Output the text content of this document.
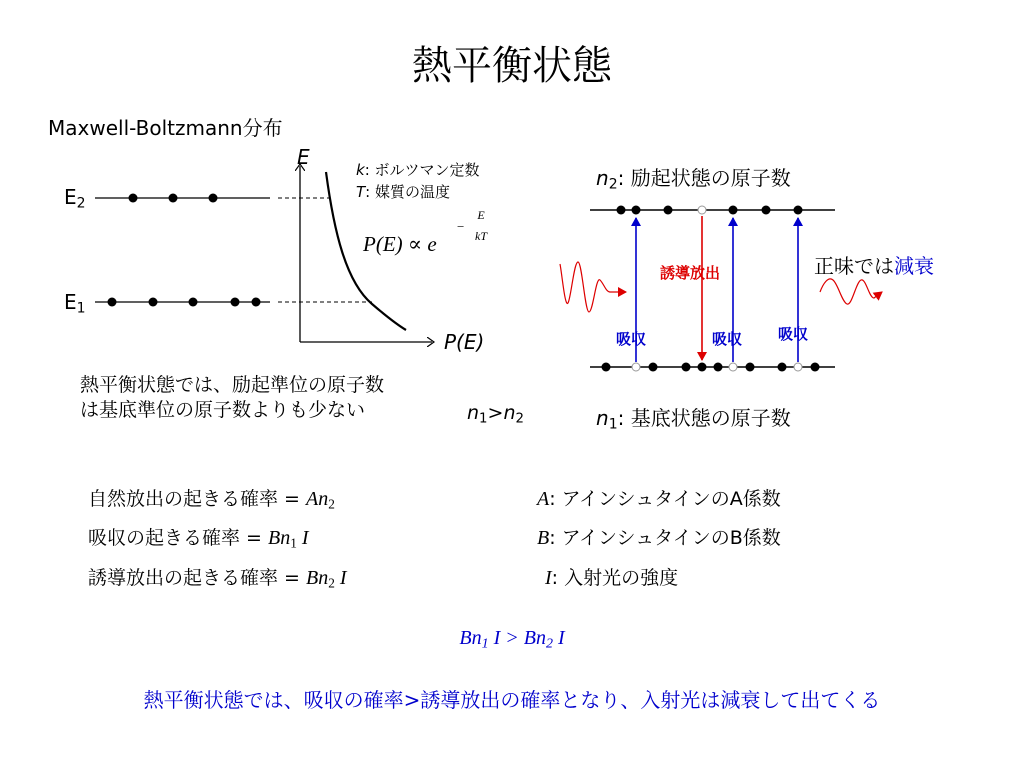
熱平衡状態
Maxwell-Boltzmann分布
E
P(E)
$E_2$
$E_1$
k: ボルツマン定数
T: 媒質の温度
P(E) ∝ e
−
E
kT
熱平衡状態では、励起準位の原子数
は基底準位の原子数よりも少ない	$n_1>n_2$
$n_2$: 励起状態の原子数
$n_1$: 基底状態の原子数
誘導放出
吸収	吸収 吸収
正味では減衰
自然放出の起きる確率 = $An_2$
吸収の起きる確率 = $Bn_1$ I
誘導放出の起きる確率 = $Bn_2$ I
A: アインシュタインのA係数
B: アインシュタインのB係数
I: 入射光の強度
$Bn_1$ $I > Bn_2$ I
熱平衡状態では、吸収の確率>誘導放出の確率となり、入射光は減衰して出てくる
